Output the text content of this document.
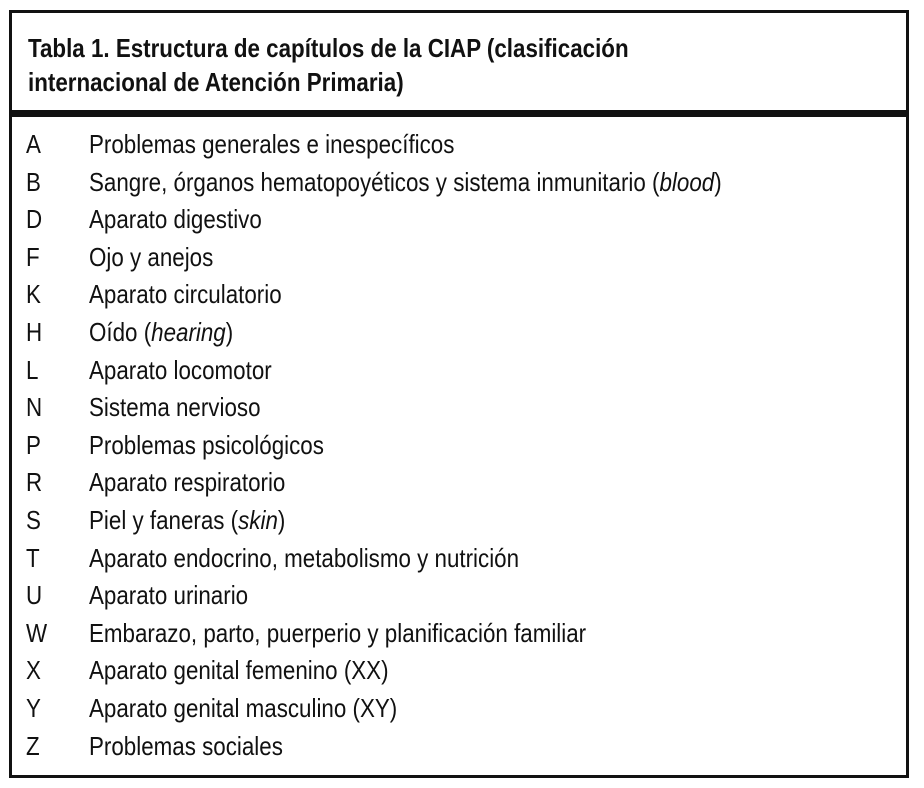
Tabla 1. Estructura de capítulos de la CIAP (clasificación
internacional de Atención Primaria)
A Problemas generales e inespecíficos
B Sangre, órganos hematopoyéticos y sistema inmunitario (blood)
D Aparato digestivo
F Ojo y anejos
K Aparato circulatorio
H Oído (hearing)
L Aparato locomotor
N Sistema nervioso
P Problemas psicológicos
R Aparato respiratorio
S Piel y faneras (skin)
T Aparato endocrino, metabolismo y nutrición
U Aparato urinario
W Embarazo, parto, puerperio y planificación familiar
X Aparato genital femenino (XX)
Y Aparato genital masculino (XY)
Z Problemas sociales
